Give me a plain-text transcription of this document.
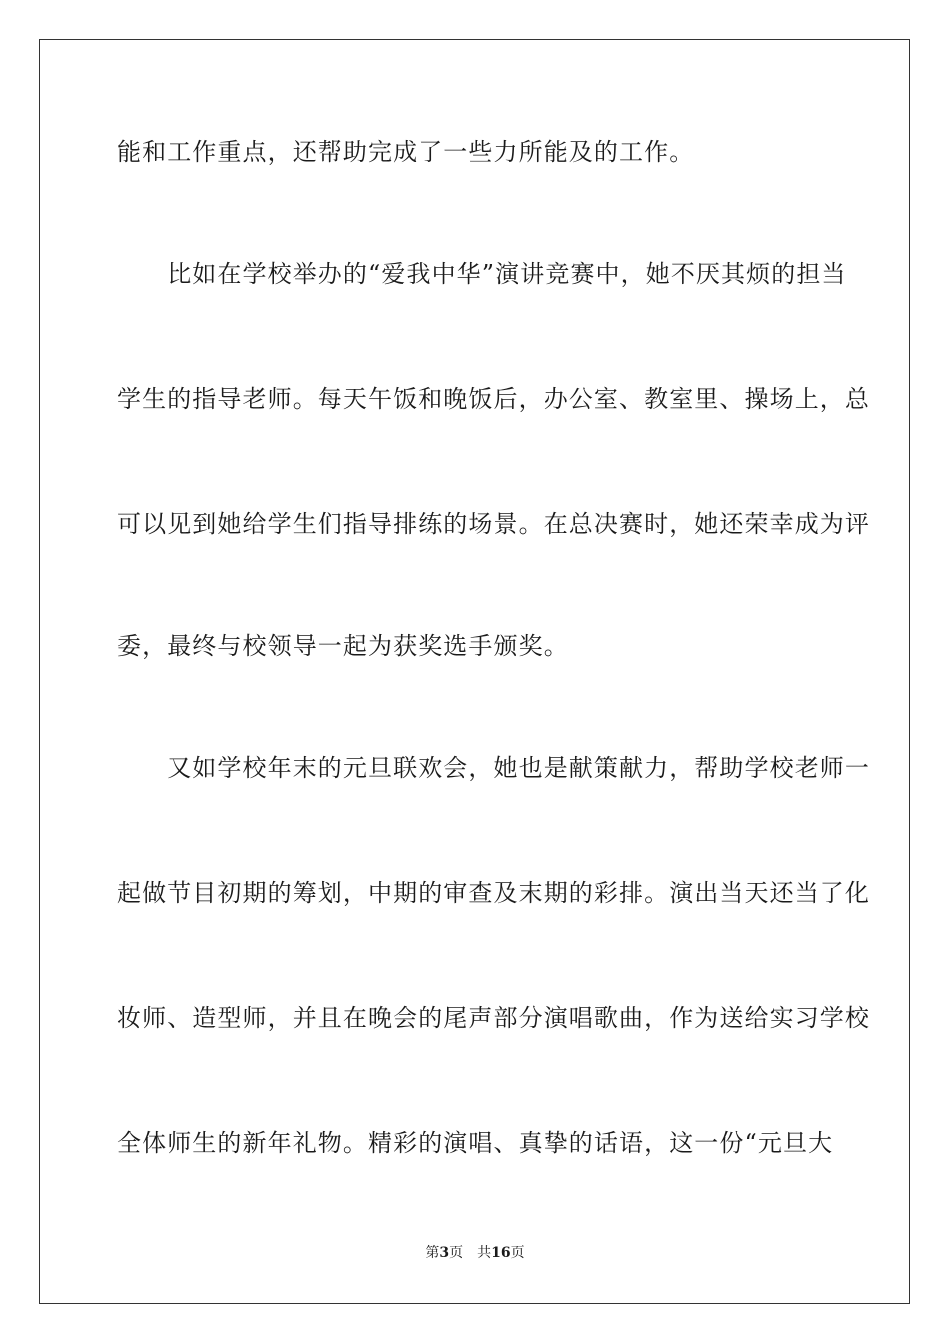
能和工作重点，还帮助完成了一些力所能及的工作。
　　比如在学校举办的“爱我中华”演讲竞赛中，她不厌其烦的担当
学生的指导老师。每天午饭和晚饭后，办公室、教室里、操场上，总
可以见到她给学生们指导排练的场景。在总决赛时，她还荣幸成为评
委，最终与校领导一起为获奖选手颁奖。
　　又如学校年末的元旦联欢会，她也是献策献力，帮助学校老师一
起做节目初期的筹划，中期的审查及末期的彩排。演出当天还当了化
妆师、造型师，并且在晚会的尾声部分演唱歌曲，作为送给实习学校
全体师生的新年礼物。精彩的演唱、真挚的话语，这一份“元旦大
第3页 共16页
